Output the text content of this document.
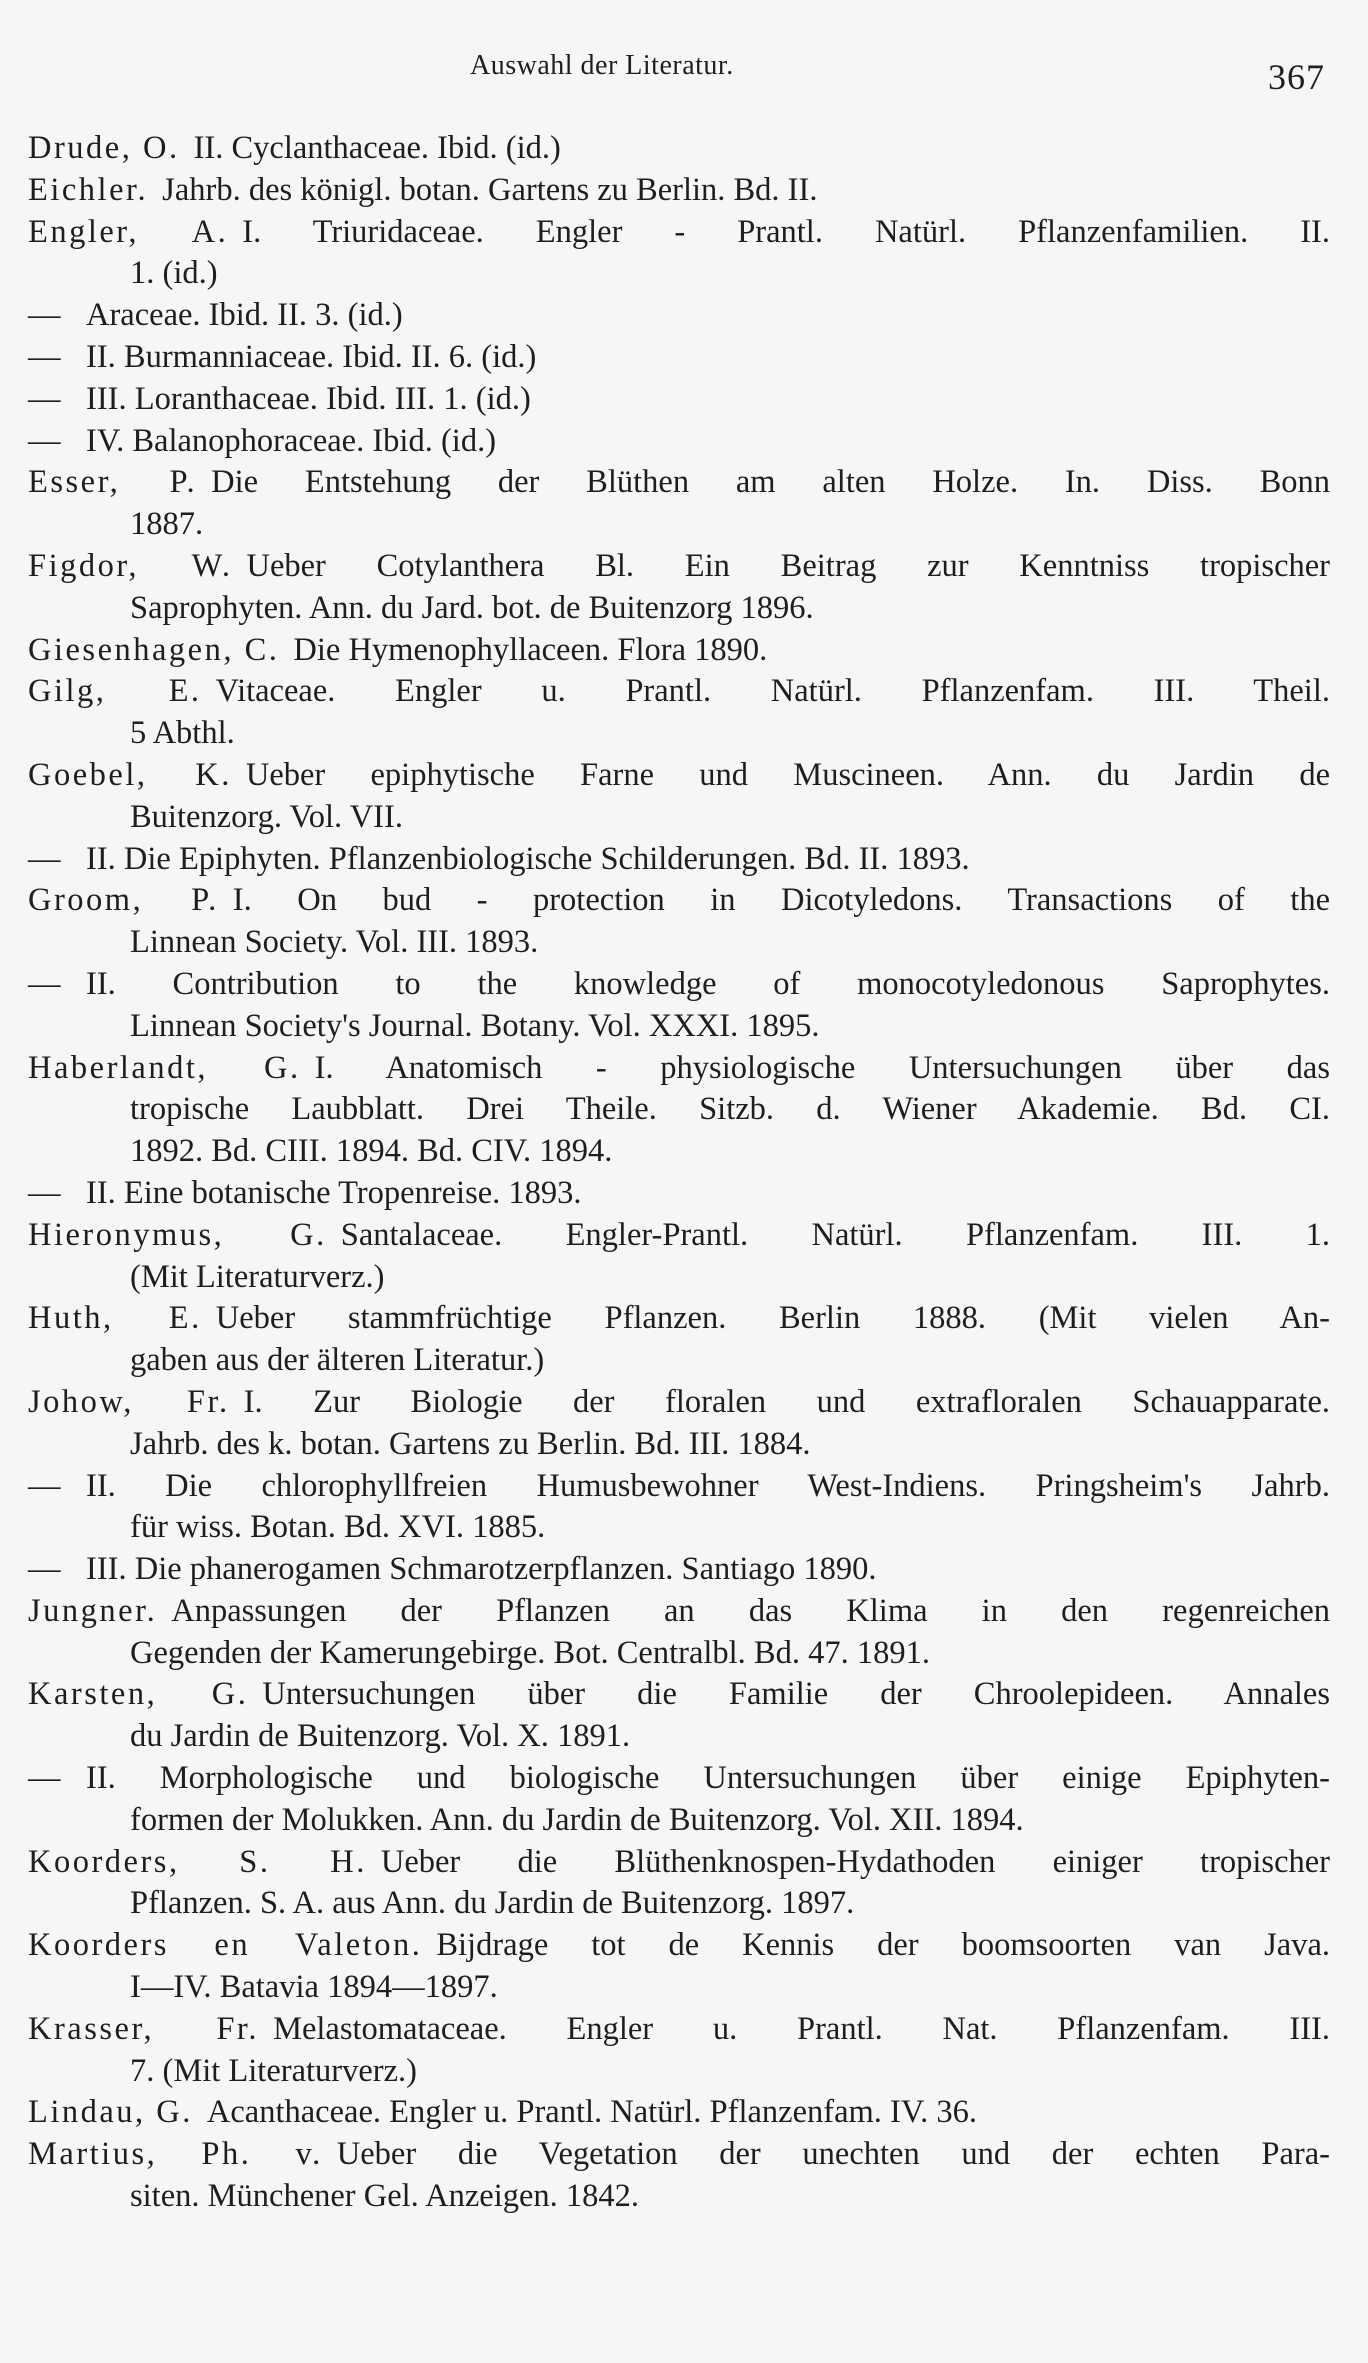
Auswahl der Literatur.	367
Drude, O. II. Cyclanthaceae. Ibid. (id.)
Eichler. Jahrb. des königl. botan. Gartens zu Berlin. Bd. II.
Engler, A. I. Triuridaceae. Engler - Prantl. Natürl. Pflanzenfamilien. II.
1. (id.)
—Araceae. Ibid. II. 3. (id.)
—II. Burmanniaceae. Ibid. II. 6. (id.)
—III. Loranthaceae. Ibid. III. 1. (id.)
—IV. Balanophoraceae. Ibid. (id.)
Esser, P. Die Entstehung der Blüthen am alten Holze. In. Diss. Bonn
1887.
Figdor, W. Ueber Cotylanthera Bl. Ein Beitrag zur Kenntniss tropischer
Saprophyten. Ann. du Jard. bot. de Buitenzorg 1896.
Giesenhagen, C. Die Hymenophyllaceen. Flora 1890.
Gilg, E. Vitaceae. Engler u. Prantl. Natürl. Pflanzenfam. III. Theil.
5 Abthl.
Goebel, K. Ueber epiphytische Farne und Muscineen. Ann. du Jardin de
Buitenzorg. Vol. VII.
—II. Die Epiphyten. Pflanzenbiologische Schilderungen. Bd. II. 1893.
Groom, P. I. On bud - protection in Dicotyledons. Transactions of the
Linnean Society. Vol. III. 1893.
—II. Contribution to the knowledge of monocotyledonous Saprophytes.
Linnean Society's Journal. Botany. Vol. XXXI. 1895.
Haberlandt, G. I. Anatomisch - physiologische Untersuchungen über das
tropische Laubblatt. Drei Theile. Sitzb. d. Wiener Akademie. Bd. CI.
1892. Bd. CIII. 1894. Bd. CIV. 1894.
—II. Eine botanische Tropenreise. 1893.
Hieronymus, G. Santalaceae. Engler-Prantl. Natürl. Pflanzenfam. III. 1.
(Mit Literaturverz.)
Huth, E. Ueber stammfrüchtige Pflanzen. Berlin 1888. (Mit vielen An-
gaben aus der älteren Literatur.)
Johow, Fr. I. Zur Biologie der floralen und extrafloralen Schauapparate.
Jahrb. des k. botan. Gartens zu Berlin. Bd. III. 1884.
—II. Die chlorophyllfreien Humusbewohner West-Indiens. Pringsheim's Jahrb.
für wiss. Botan. Bd. XVI. 1885.
—III. Die phanerogamen Schmarotzerpflanzen. Santiago 1890.
Jungner. Anpassungen der Pflanzen an das Klima in den regenreichen
Gegenden der Kamerungebirge. Bot. Centralbl. Bd. 47. 1891.
Karsten, G. Untersuchungen über die Familie der Chroolepideen. Annales
du Jardin de Buitenzorg. Vol. X. 1891.
—II. Morphologische und biologische Untersuchungen über einige Epiphyten-
formen der Molukken. Ann. du Jardin de Buitenzorg. Vol. XII. 1894.
Koorders, S. H. Ueber die Blüthenknospen-Hydathoden einiger tropischer
Pflanzen. S. A. aus Ann. du Jardin de Buitenzorg. 1897.
Koorders en Valeton. Bijdrage tot de Kennis der boomsoorten van Java.
I—IV. Batavia 1894—1897.
Krasser, Fr. Melastomataceae. Engler u. Prantl. Nat. Pflanzenfam. III.
7. (Mit Literaturverz.)
Lindau, G. Acanthaceae. Engler u. Prantl. Natürl. Pflanzenfam. IV. 36.
Martius, Ph. v. Ueber die Vegetation der unechten und der echten Para-
siten. Münchener Gel. Anzeigen. 1842.
